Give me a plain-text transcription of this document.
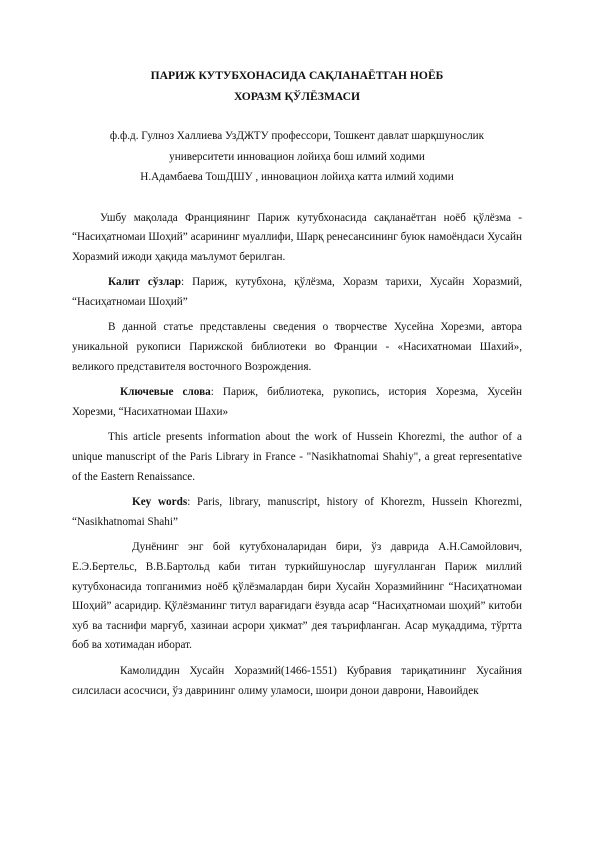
ПАРИЖ КУТУБХОНАСИДА САҚЛАНАЁТГАН НОЁБ
ХОРАЗМ ҚЎЛЁЗМАСИ
ф.ф.д. Гулноз Халлиева УзДЖТУ профессори, Тошкент давлат шарқшунослик
университети инновацион лойиҳа бош илмий ходими
Н.Адамбаева ТошДШУ , инновацион лойиҳа катта илмий ходими

Ушбу мақолада Франциянинг Париж кутубхонасида сақланаётган ноёб қўлёзма - “Насиҳатномаи Шоҳий” асарининг муаллифи, Шарқ ренесансининг буюк намоёндаси Хусайн Хоразмий ижоди ҳақида маълумот берилган.

Калит сўзлар: Париж, кутубхона, қўлёзма, Хоразм тарихи, Хусайн Хоразмий, “Насиҳатномаи Шоҳий”

В данной статье представлены сведения о творчестве Хусейна Хорезми, автора уникальной рукописи Парижской библиотеки во Франции - «Насихатномаи Шахий», великого представителя восточного Возрождения.

Ключевые слова: Париж, библиотека, рукопись, история Хорезма, Хусейн Хорезми, “Насихатномаи Шахи»

This article presents information about the work of Hussein Khorezmi, the author of a unique manuscript of the Paris Library in France - "Nasikhatnomai Shahiy", a great representative of the Eastern Renaissance.

Key words: Paris, library, manuscript, history of Khorezm, Hussein Khorezmi, “Nasikhatnomai Shahi”

Дунёнинг энг бой кутубхоналаридан бири, ўз даврида А.Н.Самойлович, Е.Э.Бертельс, В.В.Бартольд каби титан туркийшунослар шуғулланган Париж миллий кутубхонасида топганимиз ноёб қўлёзмалардан бири Хусайн Хоразмийнинг “Насиҳатномаи Шоҳий” асаридир. Қўлёзманинг титул варағидаги ёзувда асар “Насиҳатномаи шоҳий” китоби хуб ва таснифи марғуб, хазинаи асрори ҳикмат” дея таърифланган. Асар муқаддима, тўртта боб ва хотимадан иборат.

Камолиддин Хусайн Хоразмий(1466-1551) Кубравия тариқатининг Хусайния силсиласи асосчиси, ўз даврининг олиму уламоси, шоири донои даврони, Навоийдек
